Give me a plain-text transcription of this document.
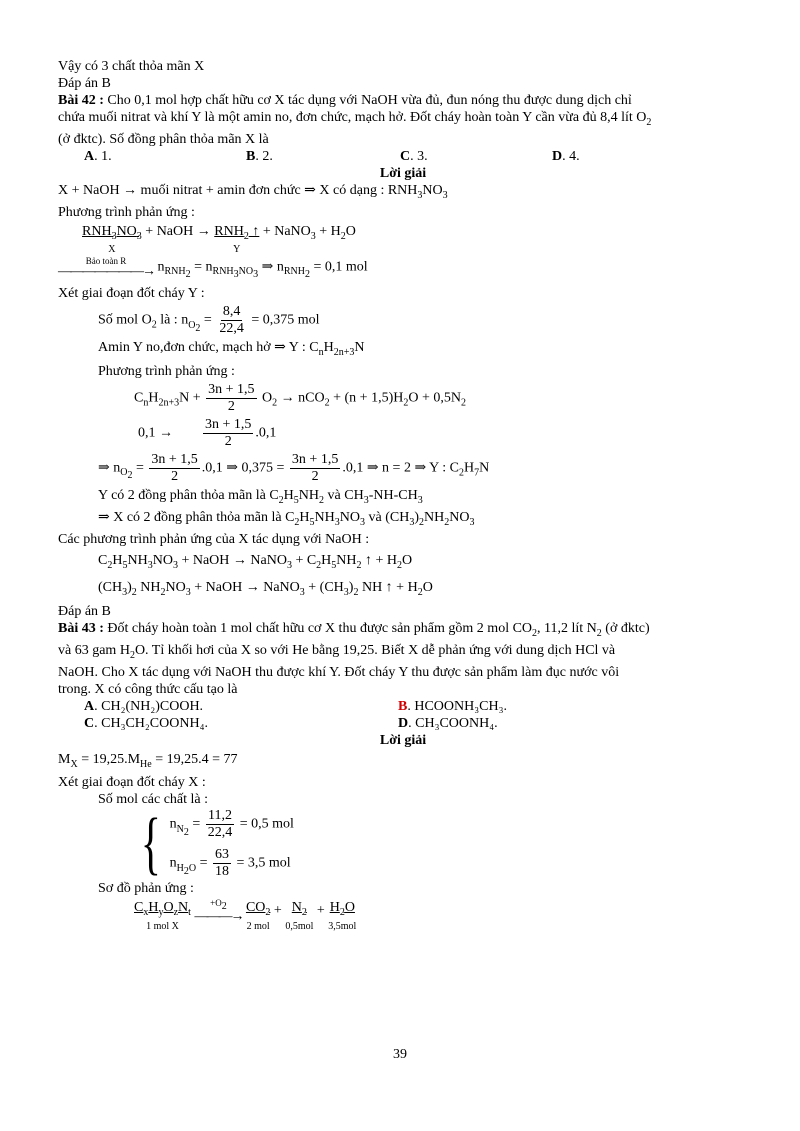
Vậy có 3 chất thỏa mãn X
Đáp án B
Bài 42 : Cho 0,1 mol hợp chất hữu cơ X tác dụng với NaOH vừa đủ, đun nóng thu được dung dịch chỉ
chứa muối nitrat và khí Y là một amin no, đơn chức, mạch hở. Đốt cháy hoàn toàn Y cần vừa đủ 8,4 lít $O_2$
(ở đktc). Số đồng phân thỏa mãn X là
A. 1.	B. 2.	C. 3.	D. 4.
Lời giải
X + NaOH → muối nitrat + amin đơn chức ⇒ X có dạng : $RNH_3NO_3$
Phương trình phản ứng :
$RNH_3NO_3$
X
+ NaOH → $RNH_2$ ↑
Y
+ NaNO$_3$ + $H_2O$
Bảo toàn R
———————→ $n_{RNH_2} = n_{RNH_3NO_3}$ ⇒ $n_{RNH_2} = 0,1$ mol
Xét giai đoạn đốt cháy Y :
Số mol $O_2$ là : $n_{O_2} = \frac{8,4}{22,4} = 0,375$ mol
Amin Y no,đơn chức, mạch hở ⇒ Y : $C_nH_{2n+3}N$
Phương trình phản ứng :
$C_nH_{2n+3}N + \frac{3n + 1,5}{2} O_2 \to nCO_2 + (n + 1,5)H_2O + 0,5N_2$
$0,1 \to \frac{3n + 1,5}{2} .0,1$
⇒ $n_{O_2} = \frac{3n + 1,5}{2} .0,1$ ⇒ $0,375 = \frac{3n + 1,5}{2} .0,1$ ⇒ n = 2 ⇒ Y : $C_2H_7N$
Y có 2 đồng phân thỏa mãn là $C_2H_5NH_2$ và $CH_3-NH-CH_3$
⇒ X có 2 đồng phân thỏa mãn là $C_2H_5NH_3NO_3$ và $(CH_3)_2NH_2NO_3$
Các phương trình phản ứng của X tác dụng với NaOH :
$C_2H_5NH_3NO_3$ + NaOH → NaNO$_3$ + $C_2H_5NH_2$ ↑ + $H_2O$
$(CH_3)_2$ $NH_2NO_3$ + NaOH → NaNO$_3$ + $(CH_3)_2$ NH ↑ + $H_2O$
Đáp án B
Bài 43 : Đốt cháy hoàn toàn 1 mol chất hữu cơ X thu được sản phẩm gồm 2 mol $CO_2$, 11,2 lít $N_2$ (ở đktc)
và 63 gam $H_2O$. Tỉ khối hơi của X so với He bằng 19,25. Biết X dễ phản ứng với dung dịch HCl và
NaOH. Cho X tác dụng với NaOH thu được khí Y. Đốt cháy Y thu được sản phẩm làm đục nước vôi
trong. X có công thức cấu tạo là
A. CH₂(NH₂)COOH.	B. HCOONH₃CH₃.
C. CH₃CH₂COONH₄.	D. CH₃COONH₄.
Lời giải
$M_X = 19,25.M_{He} = 19,25.4 = 77$
Xét giai đoạn đốt cháy X :
Số mol các chất là :
{ $n_{N_2} = \frac{11,2}{22,4} = 0,5$ mol
$n_{H_2O} = \frac{63}{18} = 3,5$ mol
Sơ đồ phản ứng :
$C_xH_yO_zN_t$
1 mol X

$+O_2$
———→

$CO_2$
2 mol
+ $N_2$
0,5mol
+ $H_2O$
3,5mol
39
